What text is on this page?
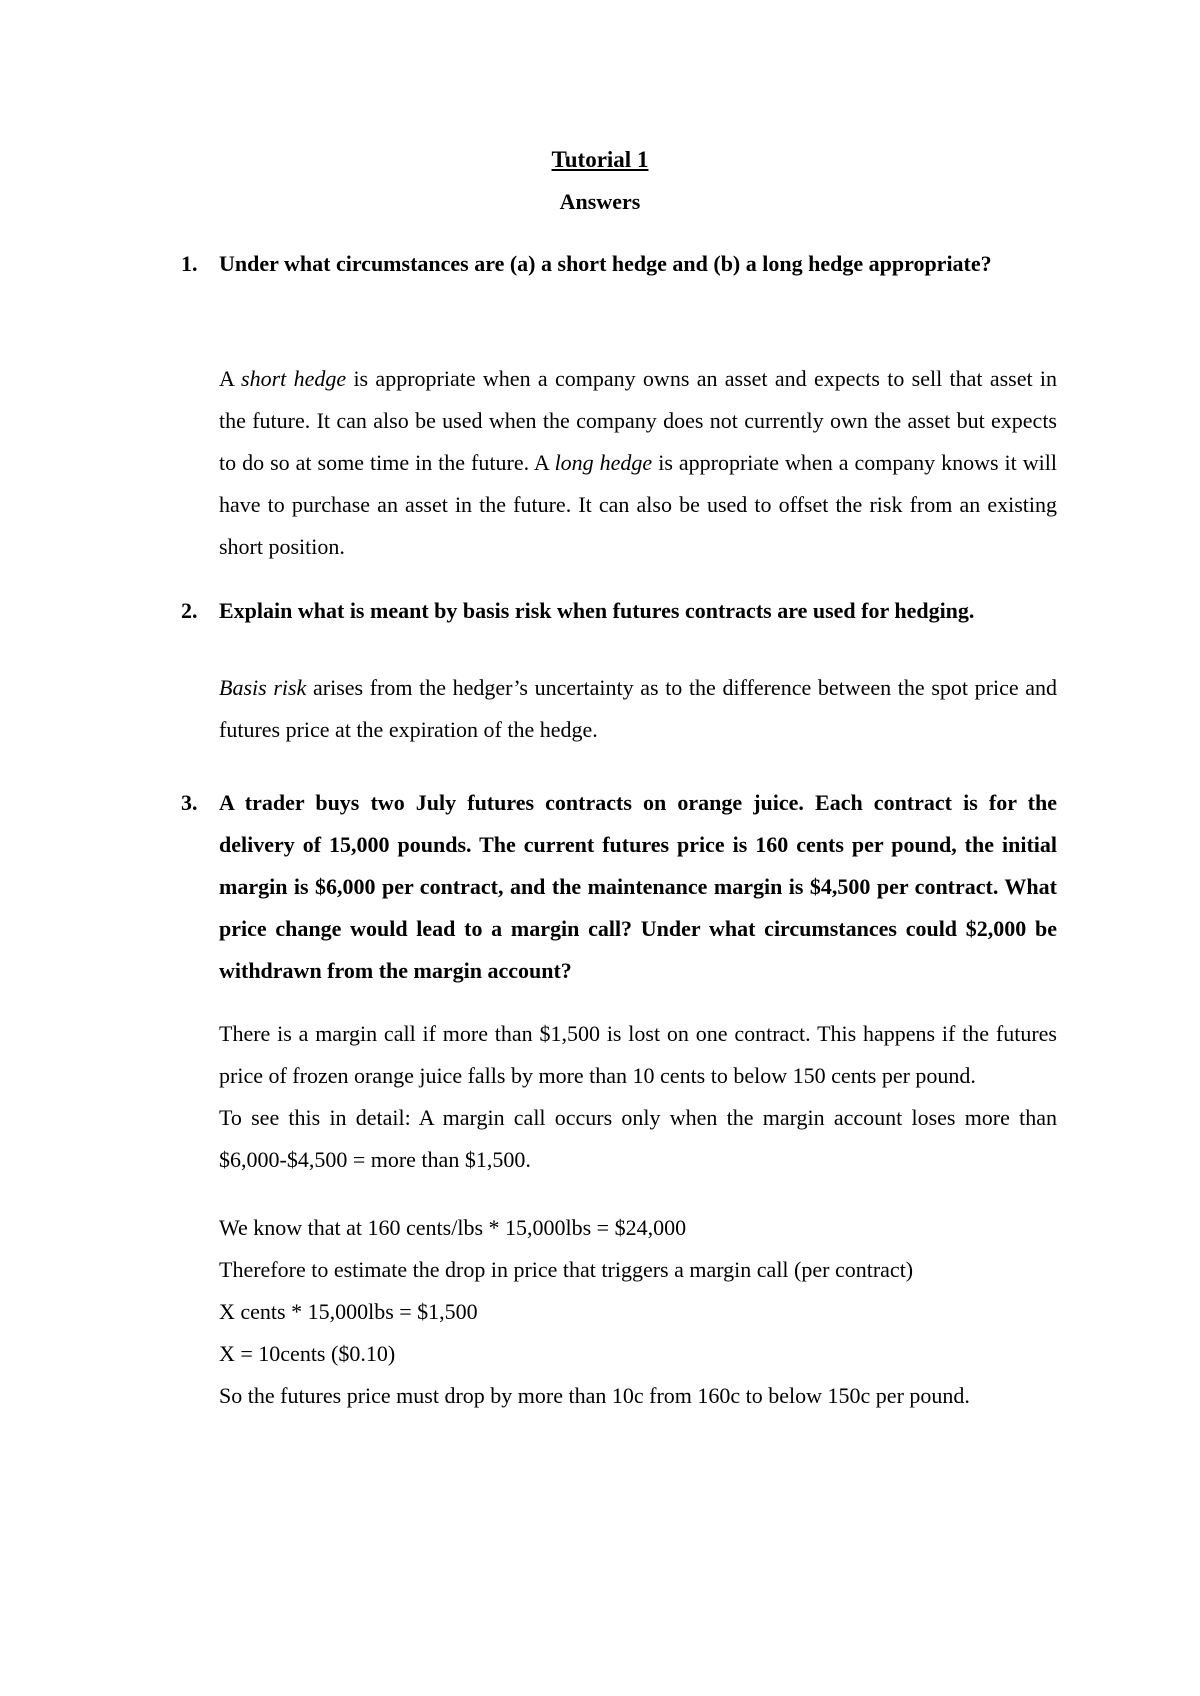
Tutorial 1
Answers
1. Under what circumstances are (a) a short hedge and (b) a long hedge appropriate?

A short hedge is appropriate when a company owns an asset and expects to sell that asset in the future. It can also be used when the company does not currently own the asset but expects to do so at some time in the future. A long hedge is appropriate when a company knows it will have to purchase an asset in the future. It can also be used to offset the risk from an existing short position.

2. Explain what is meant by basis risk when futures contracts are used for hedging.

Basis risk arises from the hedger’s uncertainty as to the difference between the spot price and futures price at the expiration of the hedge.

3. A trader buys two July futures contracts on orange juice. Each contract is for the delivery of 15,000 pounds. The current futures price is 160 cents per pound, the initial margin is $6,000 per contract, and the maintenance margin is $4,500 per contract. What price change would lead to a margin call? Under what circumstances could $2,000 be withdrawn from the margin account?

There is a margin call if more than $1,500 is lost on one contract. This happens if the futures price of frozen orange juice falls by more than 10 cents to below 150 cents per pound.

To see this in detail: A margin call occurs only when the margin account loses more than $6,000-$4,500 = more than $1,500.

We know that at 160 cents/lbs * 15,000lbs = $24,000

Therefore to estimate the drop in price that triggers a margin call (per contract)

X cents * 15,000lbs = $1,500

X = 10cents ($0.10)

So the futures price must drop by more than 10c from 160c to below 150c per pound.
